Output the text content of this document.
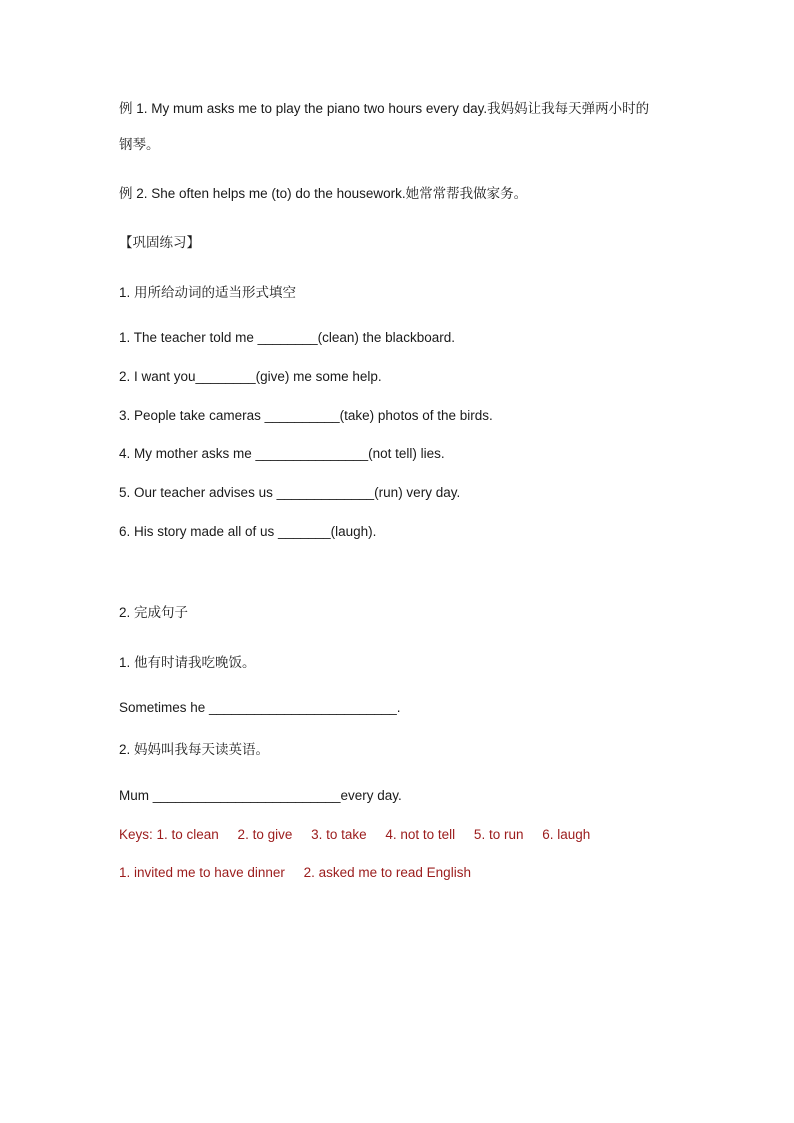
例 1. My mum asks me to play the piano two hours every day.我妈妈让我每天弹两小时的
钢琴。
例 2. She often helps me (to) do the housework.她常常帮我做家务。
【巩固练习】
1. 用所给动词的适当形式填空
1. The teacher told me ________(clean) the blackboard.
2. I want you________(give) me some help.
3. People take cameras __________(take) photos of the birds.
4. My mother asks me _______________(not tell) lies.
5. Our teacher advises us _____________(run) very day.
6. His story made all of us _______(laugh).
2. 完成句子
1. 他有时请我吃晚饭。
Sometimes he _________________________.
2. 妈妈叫我每天读英语。
Mum _________________________every day.
Keys: 1. to clean     2. to give     3. to take     4. not to tell     5. to run     6. laugh
1. invited me to have dinner     2. asked me to read English
